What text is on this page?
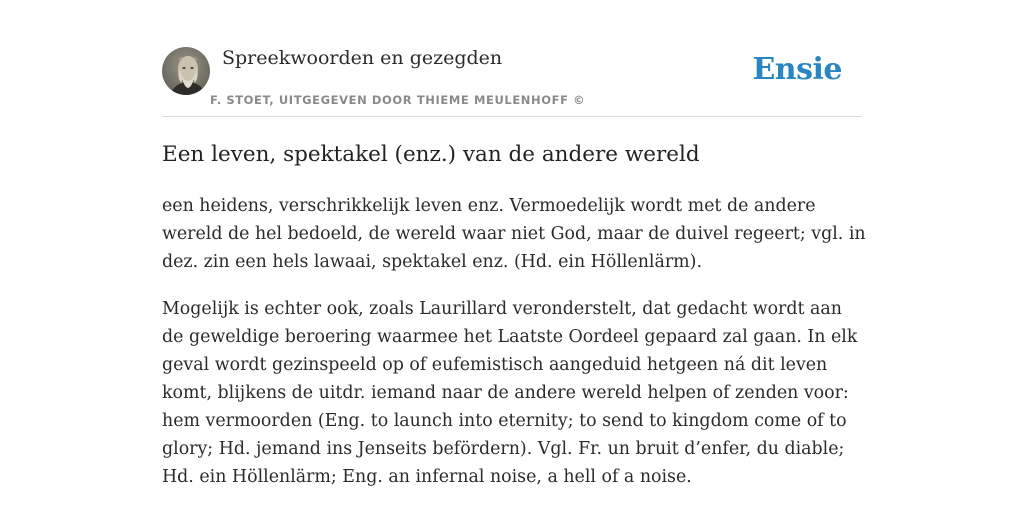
Spreekwoorden en gezegden
F. STOET, UITGEGEVEN DOOR THIEME MEULENHOFF ©
Ensie
Een leven, spektakel (enz.) van de andere wereld

een heidens, verschrikkelijk leven enz. Vermoedelijk wordt met de andere wereld de hel bedoeld, de wereld waar niet God, maar de duivel regeert; vgl. in dez. zin een hels lawaai, spektakel enz. (Hd. ein Höllenlärm).

Mogelijk is echter ook, zoals Laurillard veronderstelt, dat gedacht wordt aan de geweldige beroering waarmee het Laatste Oordeel gepaard zal gaan. In elk geval wordt gezinspeeld op of eufemistisch aangeduid hetgeen ná dit leven komt, blijkens de uitdr. iemand naar de andere wereld helpen of zenden voor: hem vermoorden (Eng. to launch into eternity; to send to kingdom come of to glory; Hd. jemand ins Jenseits befördern). Vgl. Fr. un bruit d’enfer, du diable; Hd. ein Höllenlärm; Eng. an infernal noise, a hell of a noise.
